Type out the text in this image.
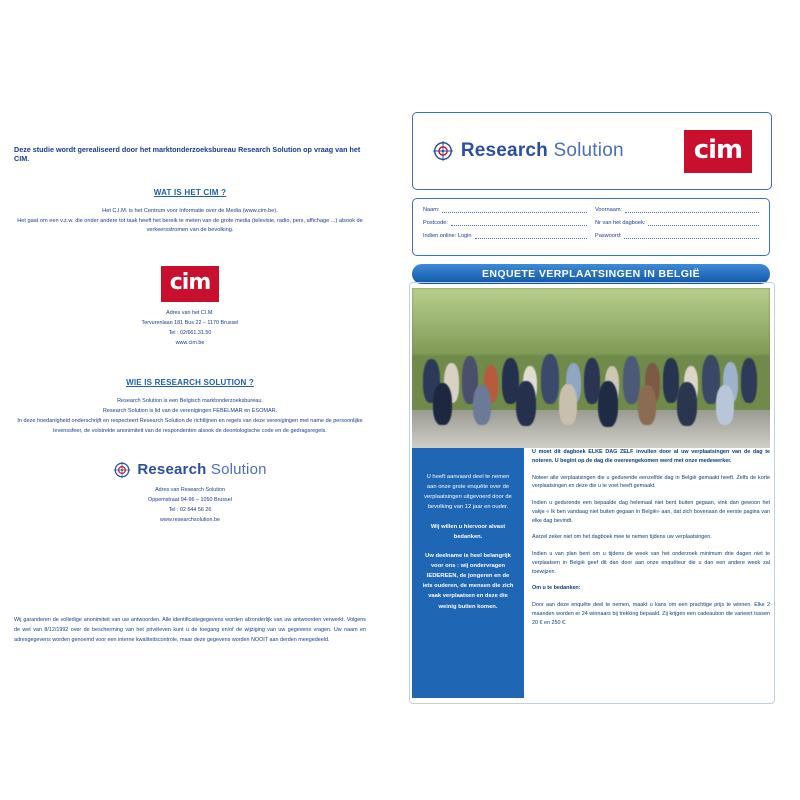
Deze studie wordt gerealiseerd door het marktonderzoeksbureau Research Solution op vraag van het CIM.
WAT IS HET CIM ?
Het C.I.M. is het Centrum voor Informatie over de Media (www.cim.be).
Het gaat om een v.z.w. die onder andere tot taak heeft het bereik te meten van de grote media (televisie, radio, pers, affichage ...) alsook de verkeersstromen van de bevolking.
cim
Adres van het CI.M.
Tervurenlaan 181 Bus 22 – 1170 Brussel
Tel : 02/661.31.50
www.cim.be
WIE IS RESEARCH SOLUTION ?
Research Solution is een Belgisch marktonderzoeksbureau.
Research Solution is lid van de verenigingen FEBELMAR en ESOMAR.
In deze hoedanigheid onderschrijft en respecteert Research Solution de richtlijnen en regels van deze verenigingen met name de persoonlijke levenssfeer, de volstrekte anonimiteit van de respondenten alsook de deontologische code en de gedragsregels.
Research Solution
Adres van Research Solution
Oppemstraat 94-96 – 1050 Brussel
Tel : 02 644 56 26
www.researchsolution.be
Wij garanderen de volledige anonimiteit van uw antwoorden. Alle identificatiegegevens worden afzonderlijk van uw antwoorden verwerkt. Volgens de wet van 8/12/1992 over de bescherming van het privéleven kunt u de toegang en/of de wijziging van uw gegevens vragen. Uw naam en adresgegevens worden genoemd voor een interne kwaliteitscontrole, maar deze gegevens worden NOOIT aan derden meegedeeld.
Research Solution	cim
Naam:	Voornaam:
Postcode:	Nr van het dagboek:
Indien online: Login	Paswoord:
ENQUETE VERPLAATSINGEN IN BELGIË

U heeft aanvaard deel te nemen aan onze grote enquête over de verplaatsingen uitgevoerd door de bevolking van 12 jaar en ouder.

Wij willen u hiervoor alvast bedanken.

Uw deelname is heel belangrijk voor ons : wij ondervragen IEDEREEN, de jongeren en de iets ouderen, de mensen die zich vaak verplaatsen en deze die weinig buiten komen.

U moet dit dagboek ELKE DAG ZELF invullen door al uw verplaatsingen van de dag te noteren. U begint op de dag die overeengekomen werd met onze medewerker.

Noteer alle verplaatsingen die u gedurende eenzelfde dag in België gemaakt heeft. Zelfs de korte verplaatsingen en deze die u te voet heeft gemaakt.

Indien u gedurende een bepaalde dag helemaal niet bent buiten gegaan, vink dan gewoon het vakje « Ik ben vandaag niet buiten gegaan in België» aan, dat zich bovenaan de eerste pagina van elke dag bevindt.

Aarzel zeker niet om het dagboek mee te nemen tijdens uw verplaatsingen.

Indien u van plan bent om u tijdens de week van het onderzoek minimum drie dagen niet te verplaatsen in België geef dit dan door aan onze enquêteur die u dan een andere week zal toewijzen.

Om u te bedanken:

Door aan deze enquête deel te nemen, maakt u kans om een prachtige prijs te winnen. Elke 2 maanden worden er 24 winnaars bij trekking bepaald. Zij krijgen een cadeaubon die varieert tussen 20 € en 250 €.
